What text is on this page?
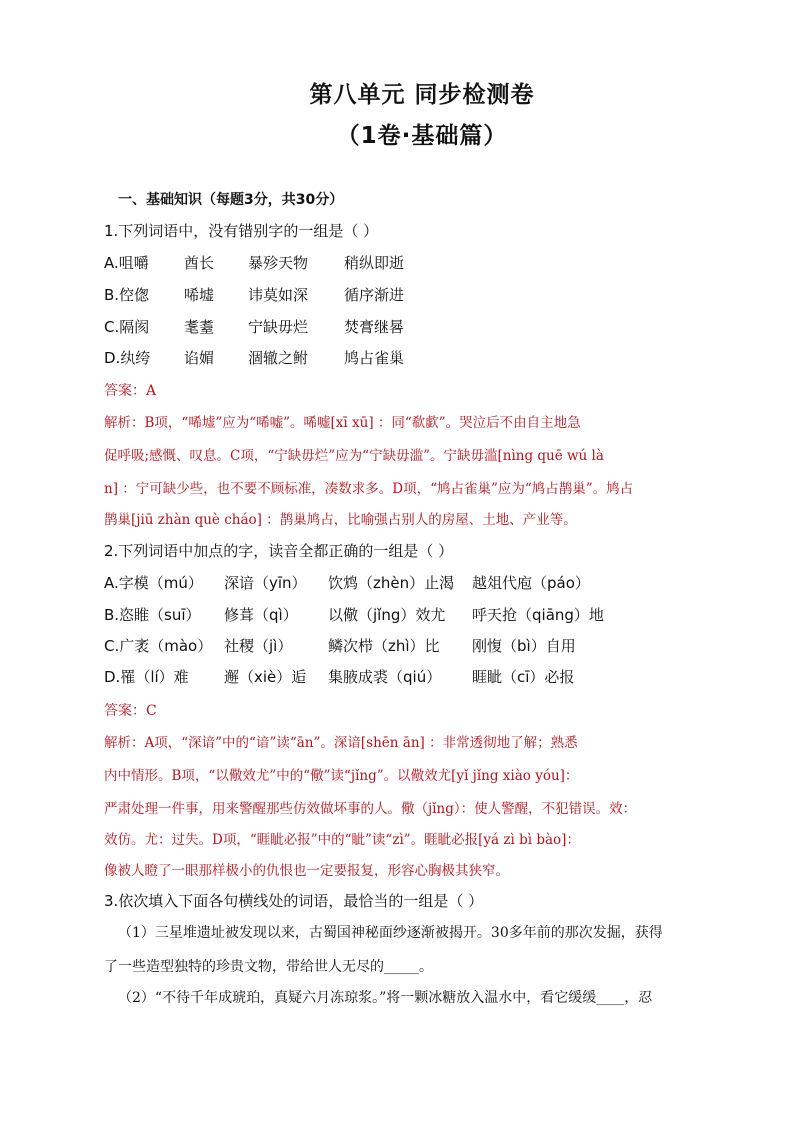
第八单元 同步检测卷
（1卷·基础篇）
一、基础知识（每题3分，共30分）
1.下列词语中，没有错别字的一组是（ ）
A.咀嚼 酋长 暴殄天物 稍纵即逝
B.倥偬 唏墟 讳莫如深 循序渐进
C.隔阂 耄耋 宁缺毋烂 焚膏继晷
D.纨绔 谄媚 涸辙之鲋 鸠占雀巢
答案：A
解析：B项，“唏墟”应为“唏嘘”。唏嘘[xī xū] ：同“欷歔”。哭泣后不由自主地急
促呼吸;感慨、叹息。C项，“宁缺毋烂”应为“宁缺毋滥”。宁缺毋滥[nìng quē wú là
n] ：宁可缺少些，也不要不顾标准，凑数求多。D项，“鸠占雀巢”应为“鸠占鹊巢”。鸠占
鹊巢[jiū zhàn què cháo] ：鹊巢鸠占，比喻强占别人的房屋、土地、产业等。
2.下列词语中加点的字，读音全都正确的一组是（ ）
A.字模（mú） 深谙（yīn） 饮鸩（zhèn）止渴 越俎代庖（páo）
B.恣睢（suī） 修葺（qì） 以儆（jǐng）效尤 呼天抢（qiāng）地
C.广袤（mào） 社稷（jì） 鳞次栉（zhì）比 刚愎（bì）自用
D.罹（lí）难 邂（xiè）逅 集腋成裘（qiú） 睚眦（cī）必报
答案：C
解析：A项，“深谙”中的“谙”读“ān”。深谙[shēn ān] ：非常透彻地了解；熟悉
内中情形。B项，“以儆效尤”中的“儆”读“jǐng”。以儆效尤[yǐ jǐng xiào yóu]：
严肃处理一件事，用来警醒那些仿效做坏事的人。儆（jǐng）：使人警醒，不犯错误。效：
效仿。尤：过失。D项，“睚眦必报”中的“眦”读“zì”。睚眦必报[yá zì bì bào]：
像被人瞪了一眼那样极小的仇恨也一定要报复，形容心胸极其狭窄。
3.依次填入下面各句横线处的词语，最恰当的一组是（ ）
（1）三星堆遗址被发现以来，古蜀国神秘面纱逐渐被揭开。30多年前的那次发掘，获得
了一些造型独特的珍贵文物，带给世人无尽的_____。
（2）“不待千年成琥珀，真疑六月冻琼浆。”将一颗冰糖放入温水中，看它缓缓____，忍
